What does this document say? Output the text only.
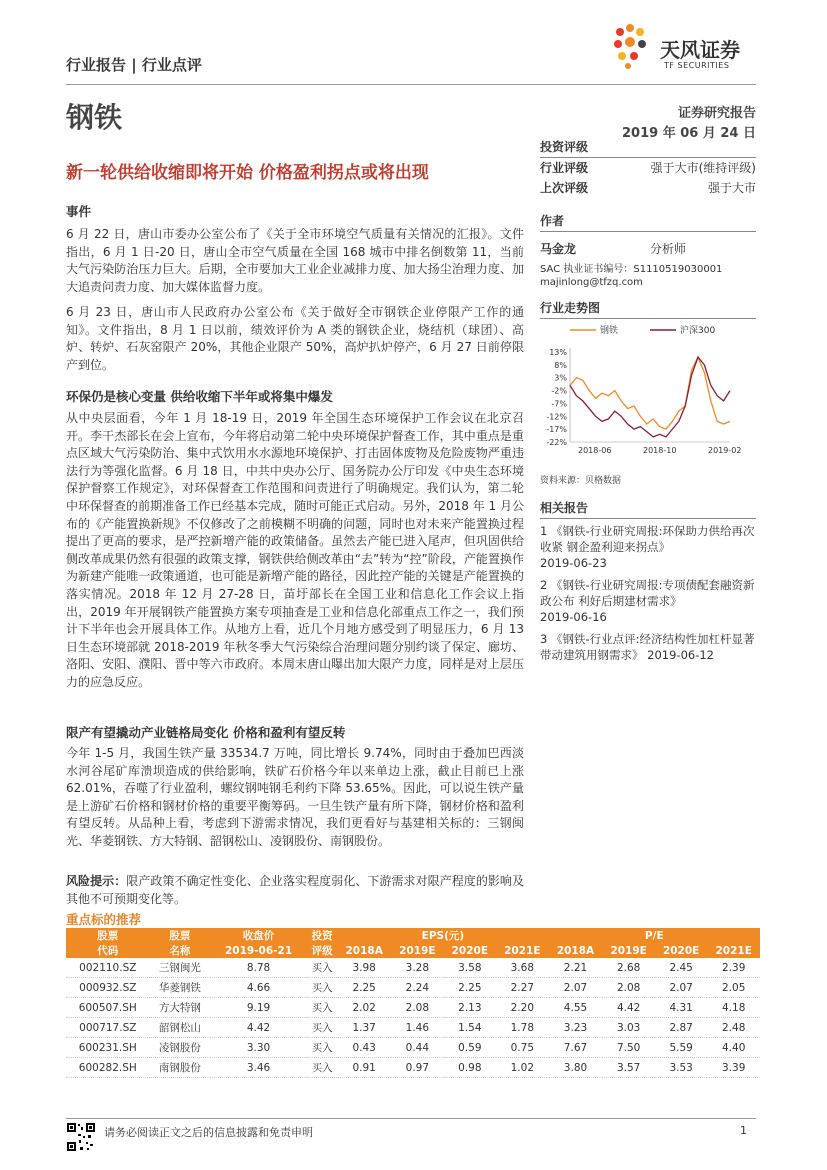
行业报告 | 行业点评
钢铁
天风证券
TF SECURITIES
证券研究报告
2019 年 06 月 24 日
新一轮供给收缩即将开始 价格盈利拐点或将出现
事件
6 月 22 日，唐山市委办公室公布了《关于全市环境空气质量有关情况的汇报》。文件指出，6 月 1 日-20 日，唐山全市空气质量在全国 168 城市中排名倒数第 11，当前大气污染防治压力巨大。后期，全市要加大工业企业减排力度、加大扬尘治理力度、加大追责问责力度、加大媒体监督力度。
6 月 23 日，唐山市人民政府办公室公布《关于做好全市钢铁企业停限产工作的通知》。文件指出，8 月 1 日以前，绩效评价为 A 类的钢铁企业，烧结机（球团）、高炉、转炉、石灰窑限产 20%，其他企业限产 50%，高炉扒炉停产，6 月 27 日前停限产到位。
环保仍是核心变量 供给收缩下半年或将集中爆发
从中央层面看，今年 1 月 18-19 日，2019 年全国生态环境保护工作会议在北京召开。李干杰部长在会上宣布，今年将启动第二轮中央环境保护督查工作，其中重点是重点区域大气污染防治、集中式饮用水水源地环境保护、打击固体废物及危险废物严重违法行为等强化监督。6 月 18 日，中共中央办公厅、国务院办公厅印发《中央生态环境保护督察工作规定》，对环保督查工作范围和问责进行了明确规定。我们认为，第二轮中环保督查的前期准备工作已经基本完成，随时可能正式启动。另外，2018 年 1 月公布的《产能置换新规》不仅修改了之前模糊不明确的问题，同时也对未来产能置换过程提出了更高的要求，是严控新增产能的政策储备。虽然去产能已进入尾声，但巩固供给侧改革成果仍然有很强的政策支撑，钢铁供给侧改革由“去”转为“控”阶段，产能置换作为新建产能唯一政策通道，也可能是新增产能的路径，因此控产能的关键是产能置换的落实情况。2018 年 12 月 27-28 日，苗圩部长在全国工业和信息化工作会议上指出，2019 年开展钢铁产能置换方案专项抽查是工业和信息化部重点工作之一，我们预计下半年也会开展具体工作。从地方上看，近几个月地方感受到了明显压力，6 月 13 日生态环境部就 2018-2019 年秋冬季大气污染综合治理问题分别约谈了保定、廊坊、洛阳、安阳、濮阳、晋中等六市政府。本周末唐山曝出加大限产力度，同样是对上层压力的应急反应。
限产有望撬动产业链格局变化 价格和盈利有望反转
今年 1-5 月，我国生铁产量 33534.7 万吨，同比增长 9.74%，同时由于叠加巴西淡水河谷尾矿库溃坝造成的供给影响，铁矿石价格今年以来单边上涨，截止目前已上涨 62.01%，吞噬了行业盈利，螺纹钢吨钢毛利约下降 53.65%。因此，可以说生铁产量是上游矿石价格和钢材价格的重要平衡筹码。一旦生铁产量有所下降，钢材价格和盈利有望反转。从品种上看，考虑到下游需求情况，我们更看好与基建相关标的：三钢闽光、华菱钢铁、方大特钢、韶钢松山、凌钢股份、南钢股份。
风险提示：限产政策不确定性变化、企业落实程度弱化、下游需求对限产程度的影响及其他不可预期变化等。
投资评级
行业评级	强于大市(维持评级)
上次评级	强于大市
作者
马金龙	分析师
SAC 执业证书编号：S1110519030001
majinlong@tfzq.com
行业走势图
钢铁	沪深300
13%
8%
3%
-2%
-7%
-12%
-17%
-22%
2018-06	2018-10	2019-02
资料来源：贝格数据
相关报告
1 《钢铁-行业研究周报:环保助力供给再次收紧 钢企盈利迎来拐点》
2019-06-23
2 《钢铁-行业研究周报:专项债配套融资新政公布 利好后期建材需求》
2019-06-16
3 《钢铁-行业点评:经济结构性加杠杆显著带动建筑用钢需求》 2019-06-12
重点标的推荐
股票	股票	收盘价	投资	EPS(元)				P/E			
代码	名称	2019-06-21	评级	2018A	2019E	2020E	2021E	2018A	2019E	2020E	2021E
002110.SZ	三钢闽光	8.78	买入	3.98	3.28	3.58	3.68	2.21	2.68	2.45	2.39
000932.SZ	华菱钢铁	4.66	买入	2.25	2.24	2.25	2.27	2.07	2.08	2.07	2.05
600507.SH	方大特钢	9.19	买入	2.02	2.08	2.13	2.20	4.55	4.42	4.31	4.18
000717.SZ	韶钢松山	4.42	买入	1.37	1.46	1.54	1.78	3.23	3.03	2.87	2.48
600231.SH	凌钢股份	3.30	买入	0.43	0.44	0.59	0.75	7.67	7.50	5.59	4.40
600282.SH	南钢股份	3.46	买入	0.91	0.97	0.98	1.02	3.80	3.57	3.53	3.39
请务必阅读正文之后的信息披露和免责申明	1
